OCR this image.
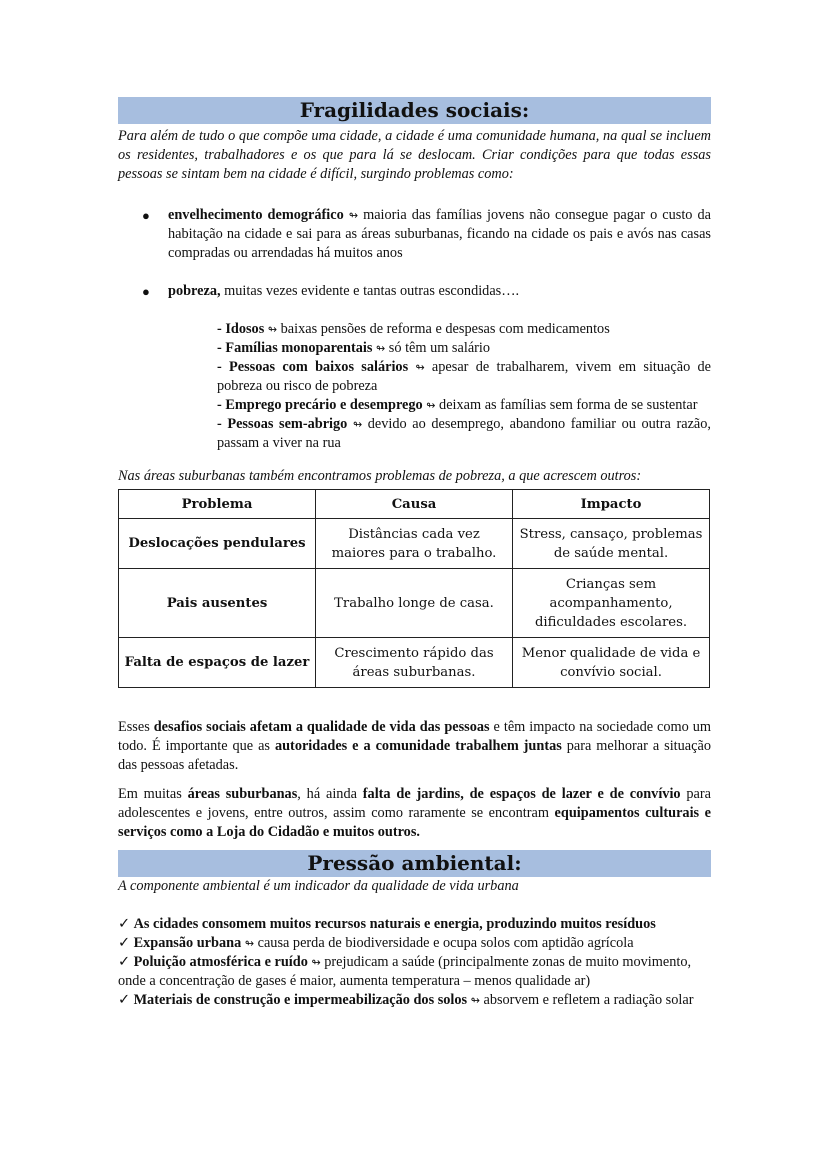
Fragilidades sociais:
Para além de tudo o que compõe uma cidade, a cidade é uma comunidade humana, na qual se incluem os residentes, trabalhadores e os que para lá se deslocam. Criar condições para que todas essas pessoas se sintam bem na cidade é difícil, surgindo problemas como:
● envelhecimento demográfico ↬ maioria das famílias jovens não consegue pagar o custo da habitação na cidade e sai para as áreas suburbanas, ficando na cidade os pais e avós nas casas compradas ou arrendadas há muitos anos
● pobreza, muitas vezes evidente e tantas outras escondidas….
- Idosos ↬ baixas pensões de reforma e despesas com medicamentos
- Famílias monoparentais ↬ só têm um salário
- Pessoas com baixos salários ↬ apesar de trabalharem, vivem em situação de pobreza ou risco de pobreza
- Emprego precário e desemprego ↬ deixam as famílias sem forma de se sustentar
- Pessoas sem-abrigo ↬ devido ao desemprego, abandono familiar ou outra razão, passam a viver na rua
Nas áreas suburbanas também encontramos problemas de pobreza, a que acrescem outros:
Problema	Causa	Impacto
Deslocações pendulares	Distâncias cada vez maiores para o trabalho.	Stress, cansaço, problemas de saúde mental.
Pais ausentes	Trabalho longe de casa.	Crianças sem acompanhamento, dificuldades escolares.
Falta de espaços de lazer	Crescimento rápido das áreas suburbanas.	Menor qualidade de vida e convívio social.
Esses desafios sociais afetam a qualidade de vida das pessoas e têm impacto na sociedade como um todo. É importante que as autoridades e a comunidade trabalhem juntas para melhorar a situação das pessoas afetadas.
Em muitas áreas suburbanas, há ainda falta de jardins, de espaços de lazer e de convívio para adolescentes e jovens, entre outros, assim como raramente se encontram equipamentos culturais e serviços como a Loja do Cidadão e muitos outros.
Pressão ambiental:
A componente ambiental é um indicador da qualidade de vida urbana
✓ As cidades consomem muitos recursos naturais e energia, produzindo muitos resíduos
✓ Expansão urbana ↬ causa perda de biodiversidade e ocupa solos com aptidão agrícola
✓ Poluição atmosférica e ruído ↬ prejudicam a saúde (principalmente zonas de muito movimento, onde a concentração de gases é maior, aumenta temperatura – menos qualidade ar)
✓ Materiais de construção e impermeabilização dos solos ↬ absorvem e refletem a radiação solar
